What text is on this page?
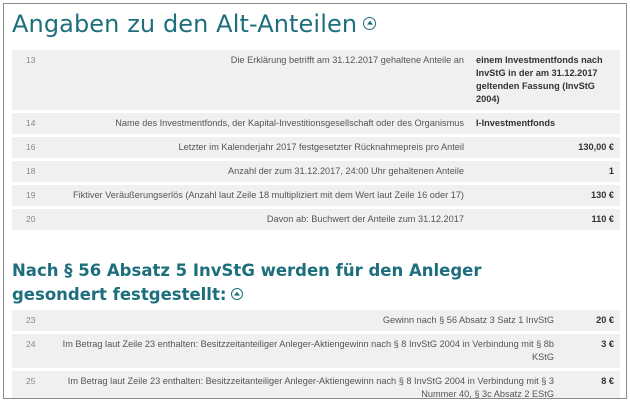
Angaben zu den Alt-Anteilen
13	Die Erklärung betrifft am 31.12.2017 gehaltene Anteile an	einem Investmentfonds nach InvStG in der am 31.12.2017 geltenden Fassung (InvStG 2004)
14	Name des Investmentfonds, der Kapital-Investitionsgesellschaft oder des Organismus	I-Investmentfonds
16	Letzter im Kalenderjahr 2017 festgesetzter Rücknahmepreis pro Anteil	130,00 €
18	Anzahl der zum 31.12.2017, 24:00 Uhr gehaltenen Anteile	1
19	Fiktiver Veräußerungserlös (Anzahl laut Zeile 18 multipliziert mit dem Wert laut Zeile 16 oder 17)	130 €
20	Davon ab: Buchwert der Anteile zum 31.12.2017	110 €
Nach § 56 Absatz 5 InvStG werden für den Anleger gesondert festgestellt:
23	Gewinn nach § 56 Absatz 3 Satz 1 InvStG	20 €
24	Im Betrag laut Zeile 23 enthalten: Besitzzeitanteiliger Anleger-Aktiengewinn nach § 8 InvStG 2004 in Verbindung mit § 8b KStG	3 €
25	Im Betrag laut Zeile 23 enthalten: Besitzzeitanteiliger Anleger-Aktiengewinn nach § 8 InvStG 2004 in Verbindung mit § 3 Nummer 40, § 3c Absatz 2 EStG	8 €
